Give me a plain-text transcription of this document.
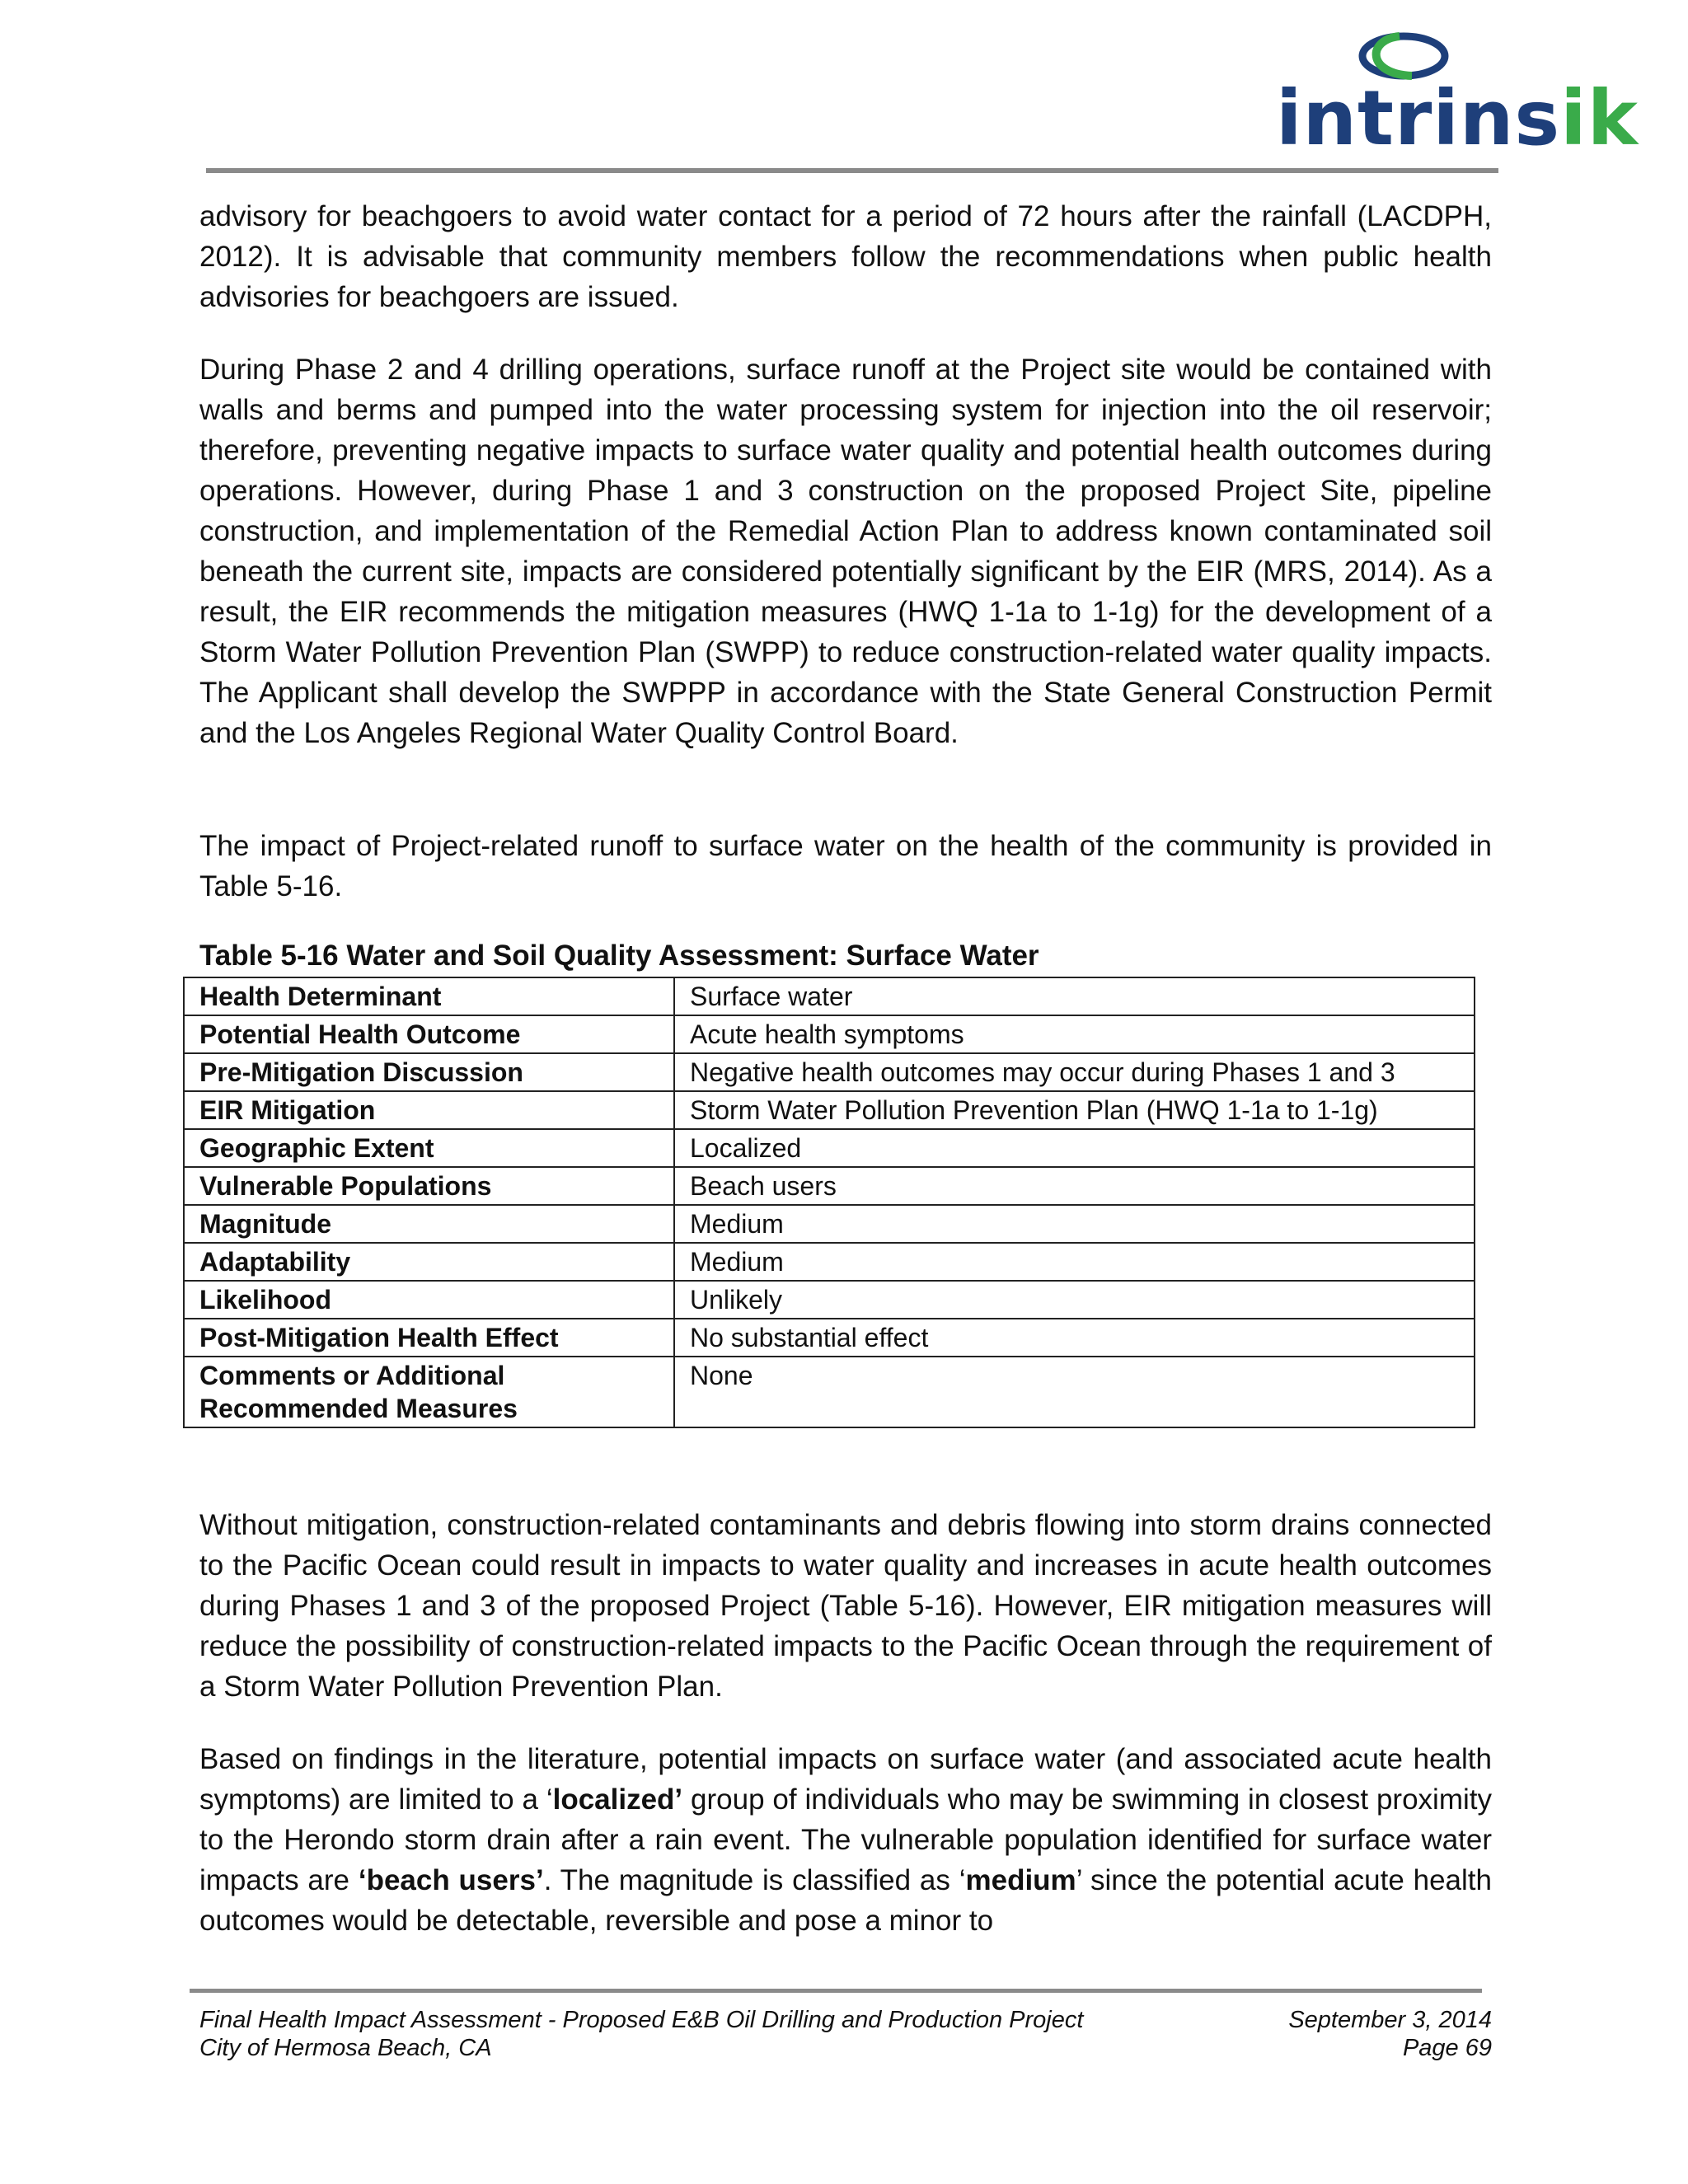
intrinsik

advisory for beachgoers to avoid water contact for a period of 72 hours after the rainfall (LACDPH, 2012). It is advisable that community members follow the recommendations when public health advisories for beachgoers are issued.

During Phase 2 and 4 drilling operations, surface runoff at the Project site would be contained with walls and berms and pumped into the water processing system for injection into the oil reservoir; therefore, preventing negative impacts to surface water quality and potential health outcomes during operations. However, during Phase 1 and 3 construction on the proposed Project Site, pipeline construction, and implementation of the Remedial Action Plan to address known contaminated soil beneath the current site, impacts are considered potentially significant by the EIR (MRS, 2014). As a result, the EIR recommends the mitigation measures (HWQ 1-1a to 1-1g) for the development of a Storm Water Pollution Prevention Plan (SWPP) to reduce construction-related water quality impacts. The Applicant shall develop the SWPPP in accordance with the State General Construction Permit and the Los Angeles Regional Water Quality Control Board.

The impact of Project-related runoff to surface water on the health of the community is provided in Table 5-16.

Table 5-16 Water and Soil Quality Assessment: Surface Water
Health Determinant	Surface water
Potential Health Outcome	Acute health symptoms
Pre-Mitigation Discussion	Negative health outcomes may occur during Phases 1 and 3
EIR Mitigation	Storm Water Pollution Prevention Plan (HWQ 1-1a to 1-1g)
Geographic Extent	Localized
Vulnerable Populations	Beach users
Magnitude	Medium
Adaptability	Medium
Likelihood	Unlikely
Post-Mitigation Health Effect	No substantial effect
Comments or Additional Recommended Measures	None

Without mitigation, construction-related contaminants and debris flowing into storm drains connected to the Pacific Ocean could result in impacts to water quality and increases in acute health outcomes during Phases 1 and 3 of the proposed Project (Table 5-16). However, EIR mitigation measures will reduce the possibility of construction-related impacts to the Pacific Ocean through the requirement of a Storm Water Pollution Prevention Plan.

Based on findings in the literature, potential impacts on surface water (and associated acute health symptoms) are limited to a ‘localized’ group of individuals who may be swimming in closest proximity to the Herondo storm drain after a rain event. The vulnerable population identified for surface water impacts are ‘beach users’. The magnitude is classified as ‘medium’ since the potential acute health outcomes would be detectable, reversible and pose a minor to

Final Health Impact Assessment - Proposed E&B Oil Drilling and Production Project
City of Hermosa Beach, CA
September 3, 2014
Page 69
